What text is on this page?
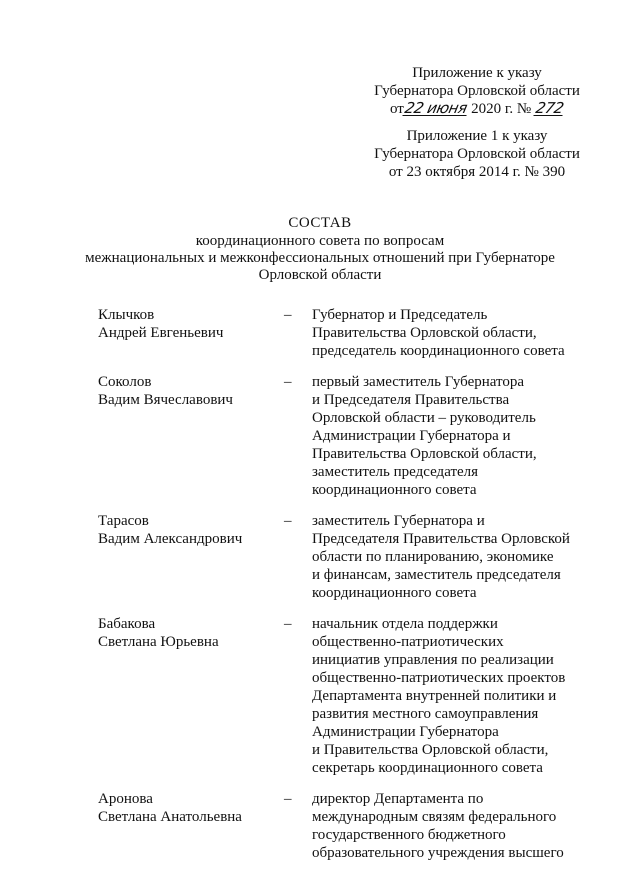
Приложение к указу
Губернатора Орловской области
от22 июня 2020 г. № 272
Приложение 1 к указу
Губернатора Орловской области
от 23 октября 2014 г. № 390
СОСТАВ
координационного совета по вопросам
межнациональных и межконфессиональных отношений при Губернаторе
Орловской области
Клычков
Андрей Евгеньевич
–	Губернатор и Председатель
Правительства Орловской области,
председатель координационного совета
Соколов
Вадим Вячеславович
–	первый заместитель Губернатора
и Председателя Правительства
Орловской области – руководитель
Администрации Губернатора и
Правительства Орловской области,
заместитель председателя
координационного совета
Тарасов
Вадим Александрович
–	заместитель Губернатора и
Председателя Правительства Орловской
области по планированию, экономике
и финансам, заместитель председателя
координационного совета
Бабакова
Светлана Юрьевна
–	начальник отдела поддержки
общественно-патриотических
инициатив управления по реализации
общественно-патриотических проектов
Департамента внутренней политики и
развития местного самоуправления
Администрации Губернатора
и Правительства Орловской области,
секретарь координационного совета
Аронова
Светлана Анатольевна
–	директор Департамента по
международным связям федерального
государственного бюджетного
образовательного учреждения высшего
